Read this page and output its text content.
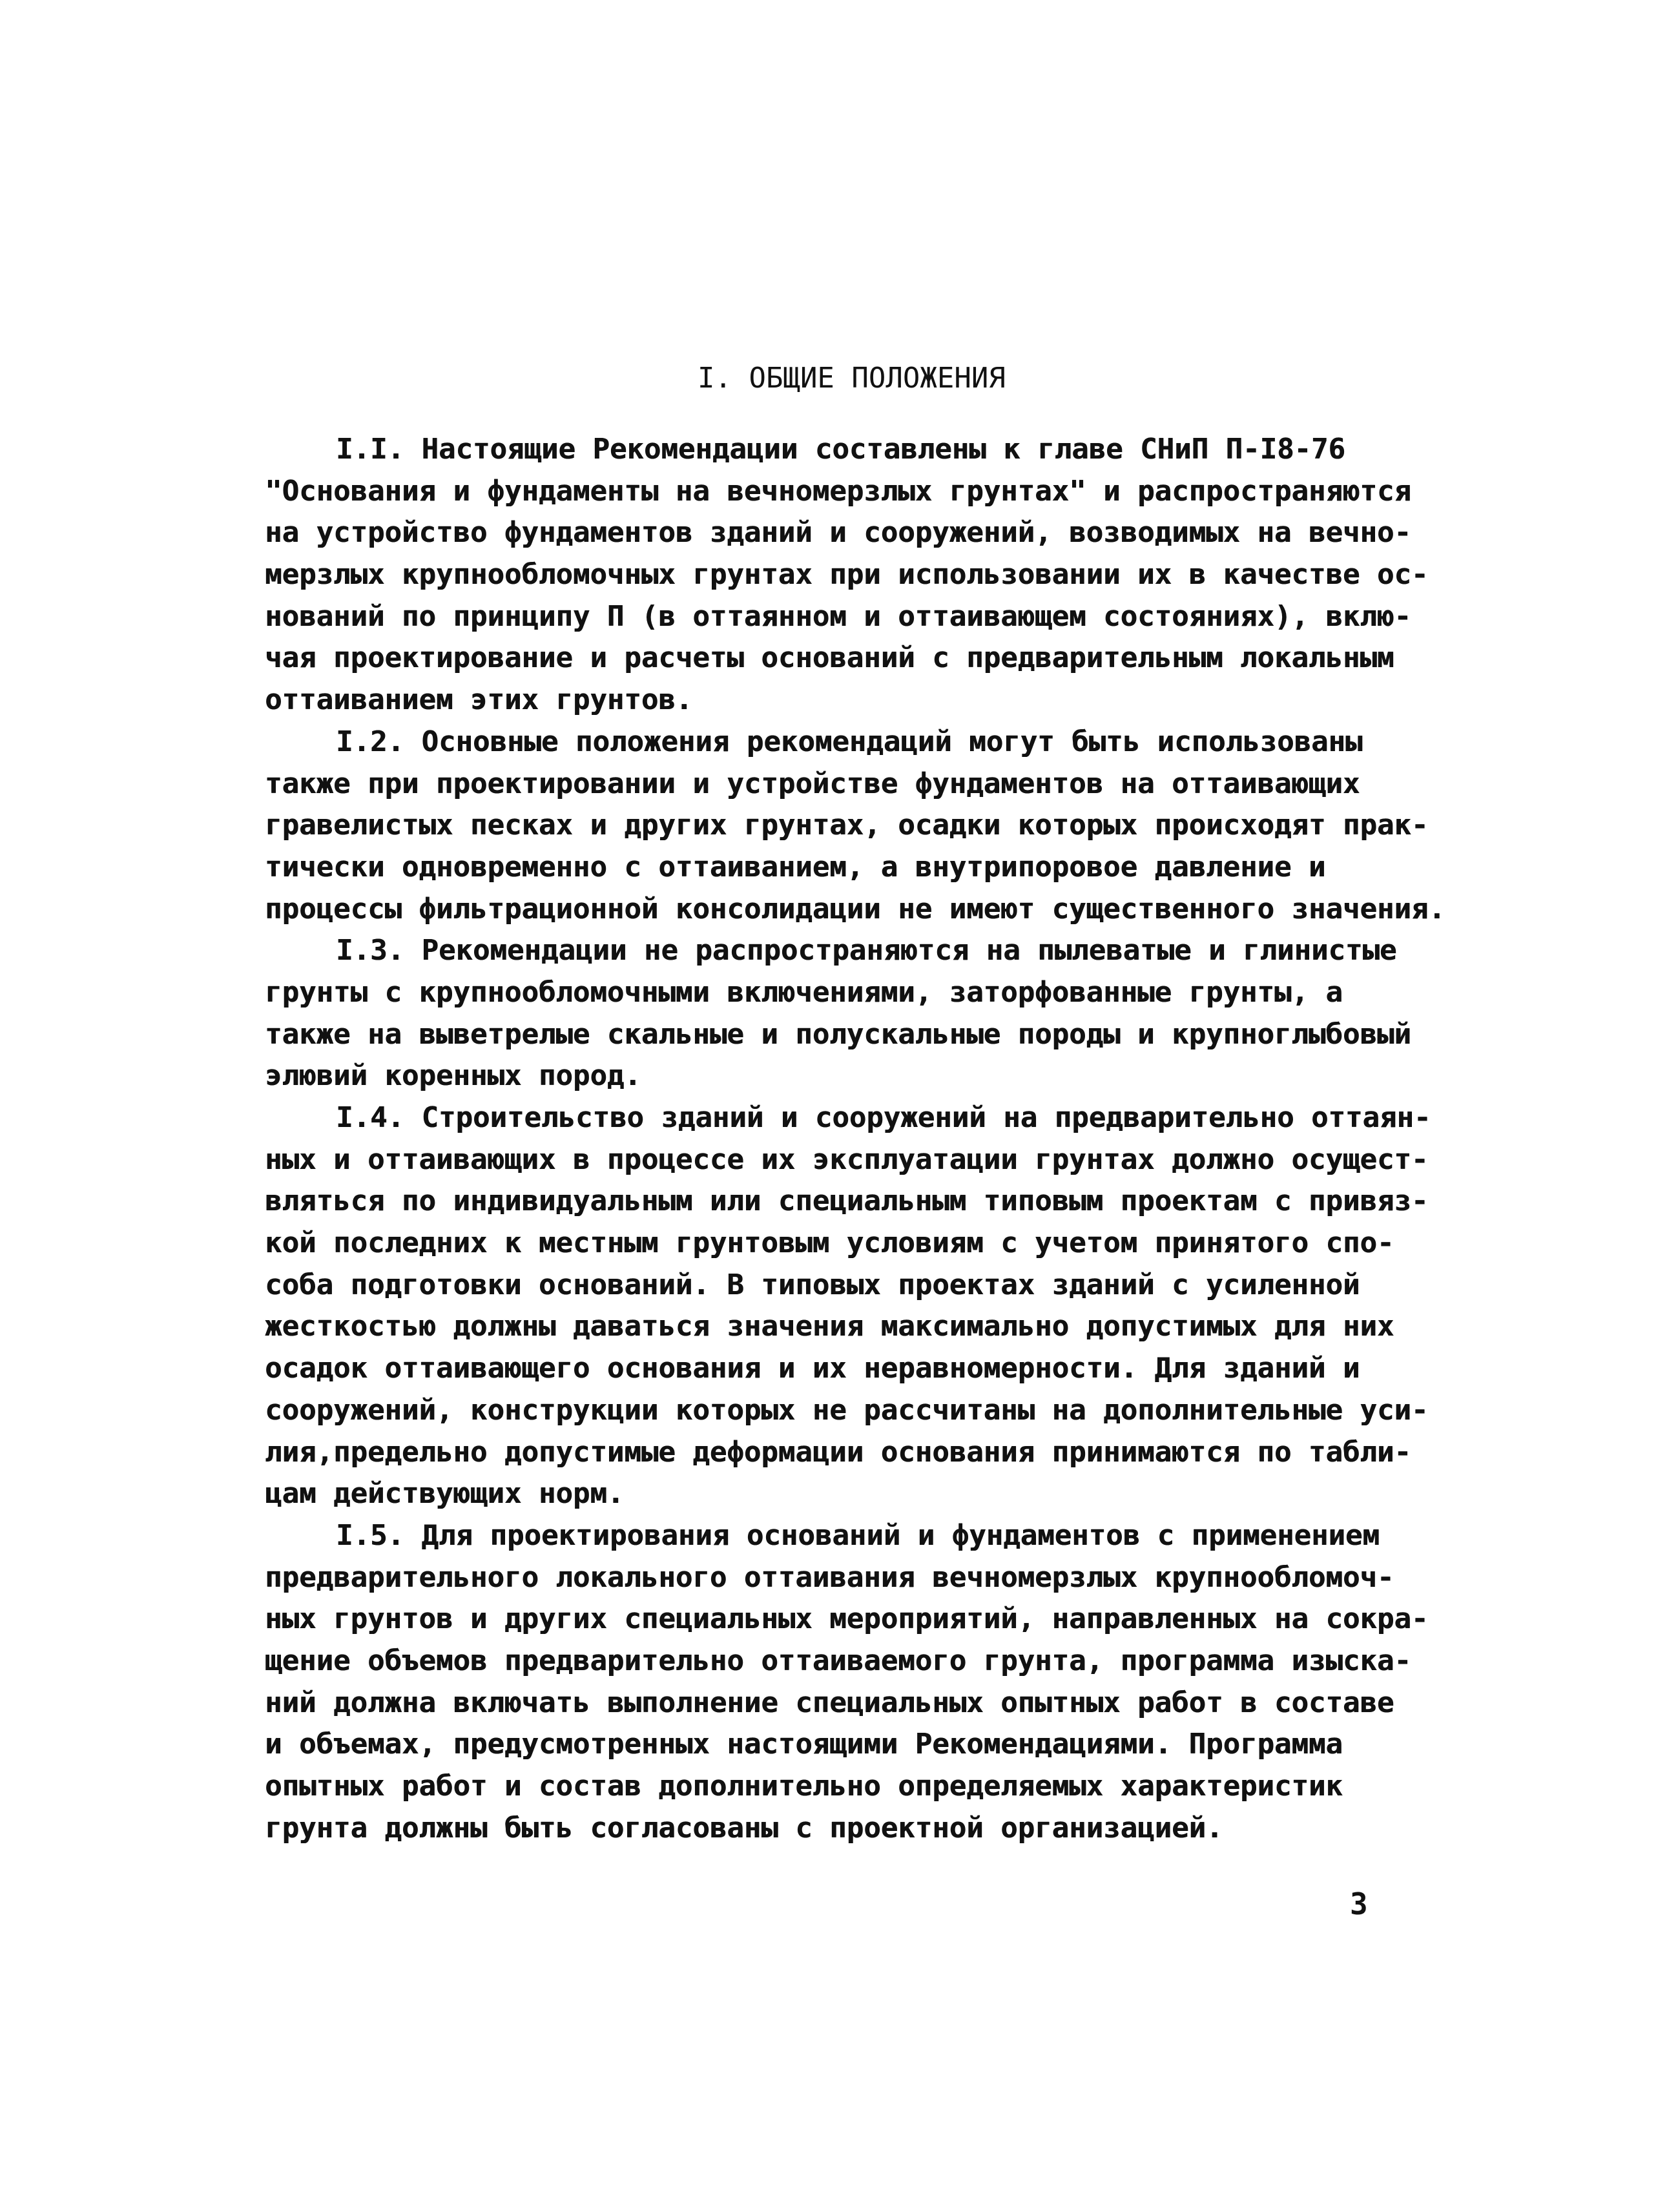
I. ОБЩИЕ ПОЛОЖЕНИЯ
I.I. Настоящие Рекомендации составлены к главе СНиП П-I8-76
"Основания и фундаменты на вечномерзлых грунтах" и распространяются
на устройство фундаментов зданий и сооружений, возводимых на вечно-
мерзлых крупнообломочных грунтах при использовании их в качестве ос-
нований по принципу П (в оттаянном и оттаивающем состояниях), вклю-
чая проектирование и расчеты оснований с предварительным локальным
оттаиванием этих грунтов.
I.2. Основные положения рекомендаций могут быть использованы
также при проектировании и устройстве фундаментов на оттаивающих
гравелистых песках и других грунтах, осадки которых происходят прак-
тически одновременно с оттаиванием, а внутрипоровое давление и
процессы фильтрационной консолидации не имеют существенного значения.
I.3. Рекомендации не распространяются на пылеватые и глинистые
грунты с крупнообломочными включениями, заторфованные грунты, а
также на выветрелые скальные и полускальные породы и крупноглыбовый
элювий коренных пород.
I.4. Строительство зданий и сооружений на предварительно оттаян-
ных и оттаивающих в процессе их эксплуатации грунтах должно осущест-
вляться по индивидуальным или специальным типовым проектам с привяз-
кой последних к местным грунтовым условиям с учетом принятого спо-
соба подготовки оснований. В типовых проектах зданий с усиленной
жесткостью должны даваться значения максимально допустимых для них
осадок оттаивающего основания и их неравномерности. Для зданий и
сооружений, конструкции которых не рассчитаны на дополнительные уси-
лия,предельно допустимые деформации основания принимаются по табли-
цам действующих норм.
I.5. Для проектирования оснований и фундаментов с применением
предварительного локального оттаивания вечномерзлых крупнообломоч-
ных грунтов и других специальных мероприятий, направленных на сокра-
щение объемов предварительно оттаиваемого грунта, программа изыска-
ний должна включать выполнение специальных опытных работ в составе
и объемах, предусмотренных настоящими Рекомендациями. Программа
опытных работ и состав дополнительно определяемых характеристик
грунта должны быть согласованы с проектной организацией.
3
